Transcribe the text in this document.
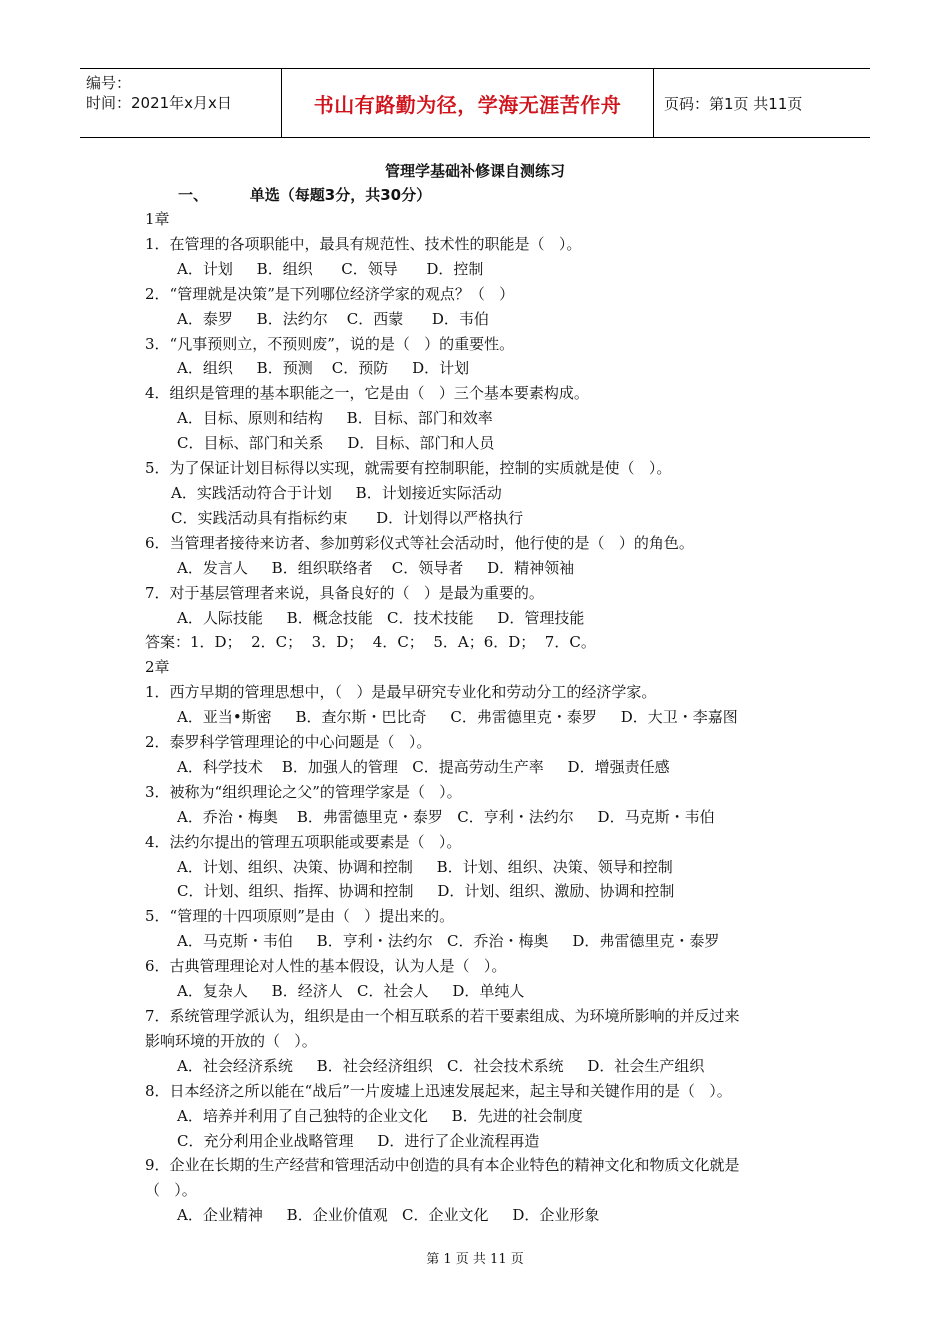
编号：
时间：2021年x月x日	书山有路勤为径，学海无涯苦作舟	页码：第1页 共11页
管理学基础补修课自测练习
一、        单选（每题3分，共30分）
1章
1．在管理的各项职能中，最具有规范性、技术性的职能是（   ）。
A．计划     B．组织      C．领导      D．控制
2．“管理就是决策”是下列哪位经济学家的观点？（   ）
A．泰罗     B．法约尔    C．西蒙      D．韦伯
3．“凡事预则立，不预则废”，说的是（   ）的重要性。
A．组织     B．预测    C．预防     D．计划
4．组织是管理的基本职能之一，它是由（   ）三个基本要素构成。
A．目标、原则和结构     B．目标、部门和效率
C．目标、部门和关系     D．目标、部门和人员
5．为了保证计划目标得以实现，就需要有控制职能，控制的实质就是使（   ）。
A．实践活动符合于计划     B．计划接近实际活动
C．实践活动具有指标约束      D．计划得以严格执行
6．当管理者接待来访者、参加剪彩仪式等社会活动时，他行使的是（   ）的角色。
A．发言人     B．组织联络者    C．领导者     D．精神领袖
7．对于基层管理者来说，具备良好的（   ）是最为重要的。
A．人际技能     B．概念技能   C．技术技能     D．管理技能
答案：1．D；  2．C；  3．D；  4．C；  5．A；6．D；  7．C。
2章
1．西方早期的管理思想中，（   ）是最早研究专业化和劳动分工的经济学家。
A．亚当•斯密     B．查尔斯・巴比奇     C．弗雷德里克・泰罗     D．大卫・李嘉图
2．泰罗科学管理理论的中心问题是（   ）。
A．科学技术    B．加强人的管理   C．提高劳动生产率     D．增强责任感
3．被称为“组织理论之父”的管理学家是（   ）。
A．乔治・梅奥    B．弗雷德里克・泰罗   C．亨利・法约尔     D．马克斯・韦伯
4．法约尔提出的管理五项职能或要素是（   ）。
A．计划、组织、决策、协调和控制     B．计划、组织、决策、领导和控制
C．计划、组织、指挥、协调和控制     D．计划、组织、激励、协调和控制
5．“管理的十四项原则”是由（   ）提出来的。
A．马克斯・韦伯     B．亨利・法约尔   C．乔治・梅奥     D．弗雷德里克・泰罗
6．古典管理理论对人性的基本假设，认为人是（   ）。
A．复杂人     B．经济人   C．社会人     D．单纯人
7．系统管理学派认为，组织是由一个相互联系的若干要素组成、为环境所影响的并反过来
影响环境的开放的（   ）。
A．社会经济系统     B．社会经济组织   C．社会技术系统     D．社会生产组织
8．日本经济之所以能在“战后”一片废墟上迅速发展起来，起主导和关键作用的是（   ）。
A．培养并利用了自己独特的企业文化     B．先进的社会制度
C．充分利用企业战略管理     D．进行了企业流程再造
9．企业在长期的生产经营和管理活动中创造的具有本企业特色的精神文化和物质文化就是
（   ）。
A．企业精神     B．企业价值观   C．企业文化     D．企业形象
第 1 页 共 11 页
